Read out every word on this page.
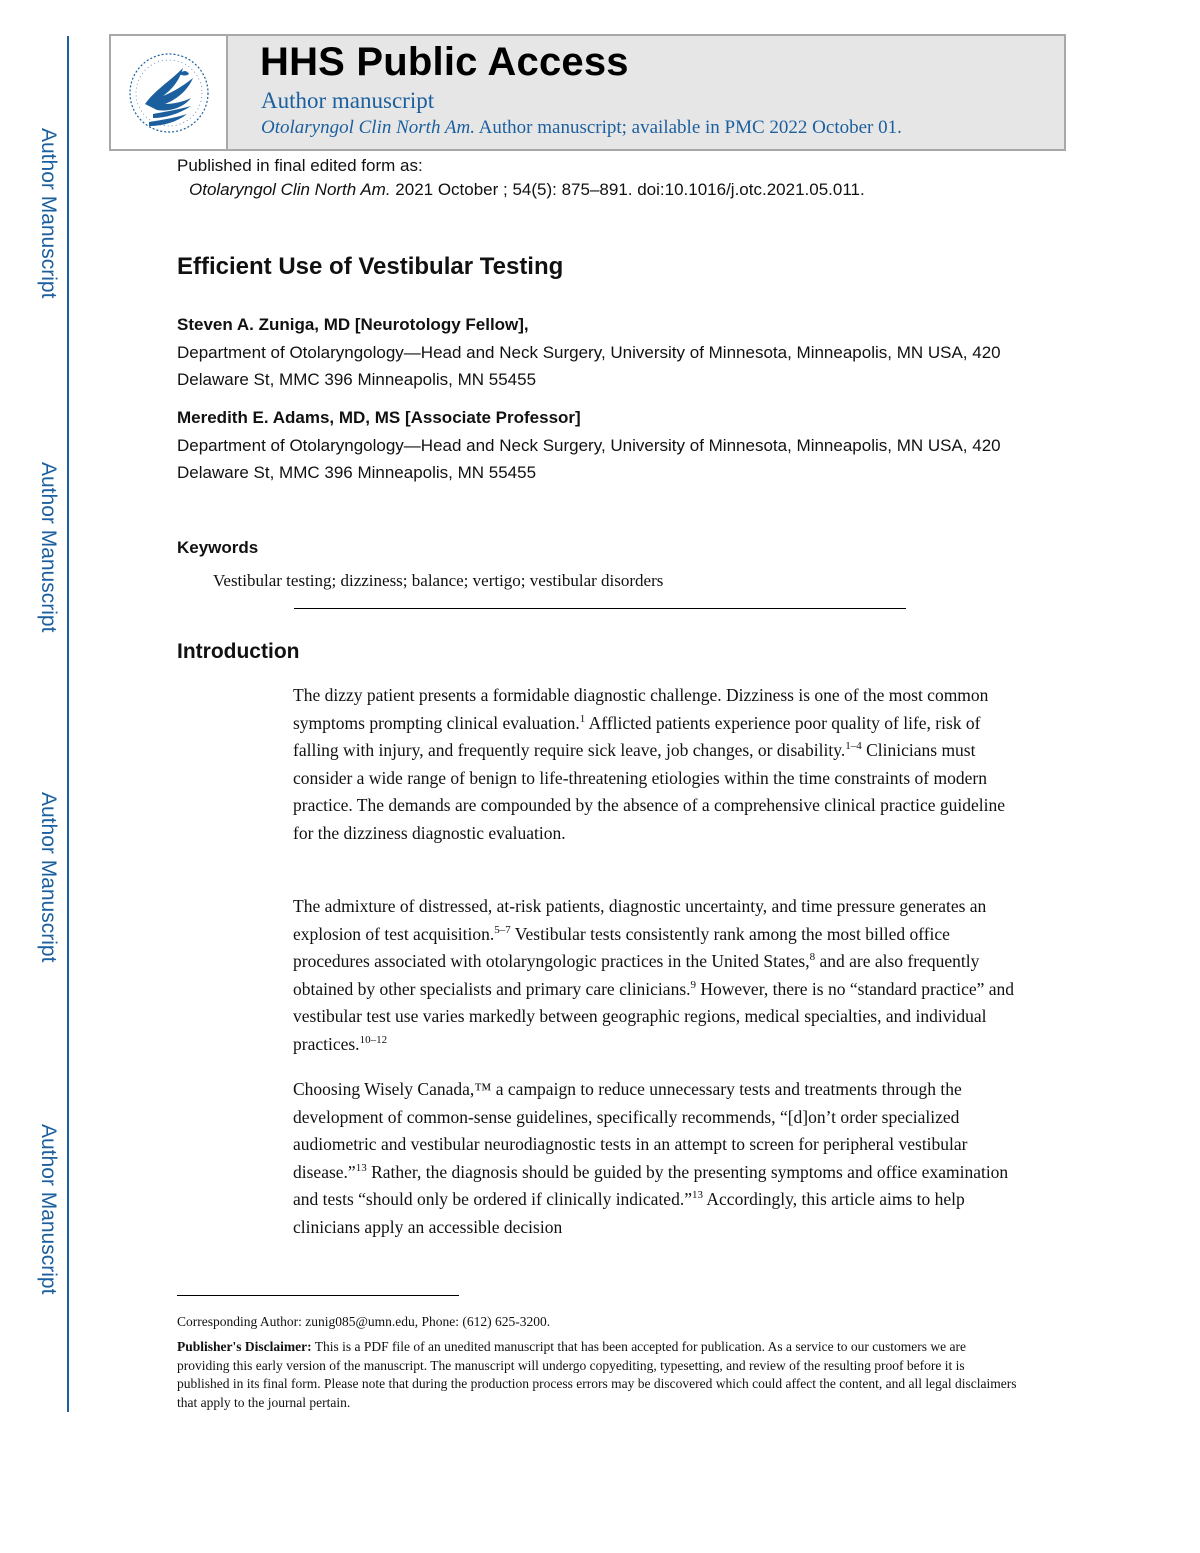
Author Manuscript
Author Manuscript
Author Manuscript
Author Manuscript
HHS Public Access
Author manuscript
Otolaryngol Clin North Am. Author manuscript; available in PMC 2022 October 01.
Published in final edited form as:
Otolaryngol Clin North Am. 2021 October ; 54(5): 875–891. doi:10.1016/j.otc.2021.05.011.
Efficient Use of Vestibular Testing
Steven A. Zuniga, MD [Neurotology Fellow],
Department of Otolaryngology—Head and Neck Surgery, University of Minnesota, Minneapolis, MN USA, 420 Delaware St, MMC 396 Minneapolis, MN 55455
Meredith E. Adams, MD, MS [Associate Professor]
Department of Otolaryngology—Head and Neck Surgery, University of Minnesota, Minneapolis, MN USA, 420 Delaware St, MMC 396 Minneapolis, MN 55455
Keywords
Vestibular testing; dizziness; balance; vertigo; vestibular disorders
Introduction

The dizzy patient presents a formidable diagnostic challenge. Dizziness is one of the most common symptoms prompting clinical evaluation.$^1$ Afflicted patients experience poor quality of life, risk of falling with injury, and frequently require sick leave, job changes, or disability.$^{1-4}$ Clinicians must consider a wide range of benign to life-threatening etiologies within the time constraints of modern practice. The demands are compounded by the absence of a comprehensive clinical practice guideline for the dizziness diagnostic evaluation.

The admixture of distressed, at-risk patients, diagnostic uncertainty, and time pressure generates an explosion of test acquisition.$^{5-7}$ Vestibular tests consistently rank among the most billed office procedures associated with otolaryngologic practices in the United States,$^8$ and are also frequently obtained by other specialists and primary care clinicians.$^9$ However, there is no “standard practice” and vestibular test use varies markedly between geographic regions, medical specialties, and individual practices.$^{10-12}$

Choosing Wisely Canada,™ a campaign to reduce unnecessary tests and treatments through the development of common-sense guidelines, specifically recommends, “[d]on’t order specialized audiometric and vestibular neurodiagnostic tests in an attempt to screen for peripheral vestibular disease.”$^{13}$ Rather, the diagnosis should be guided by the presenting symptoms and office examination and tests “should only be ordered if clinically indicated.”$^{13}$ Accordingly, this article aims to help clinicians apply an accessible decision

Corresponding Author: zunig085@umn.edu, Phone: (612) 625-3200.

Publisher's Disclaimer: This is a PDF file of an unedited manuscript that has been accepted for publication. As a service to our customers we are providing this early version of the manuscript. The manuscript will undergo copyediting, typesetting, and review of the resulting proof before it is published in its final form. Please note that during the production process errors may be discovered which could affect the content, and all legal disclaimers that apply to the journal pertain.
